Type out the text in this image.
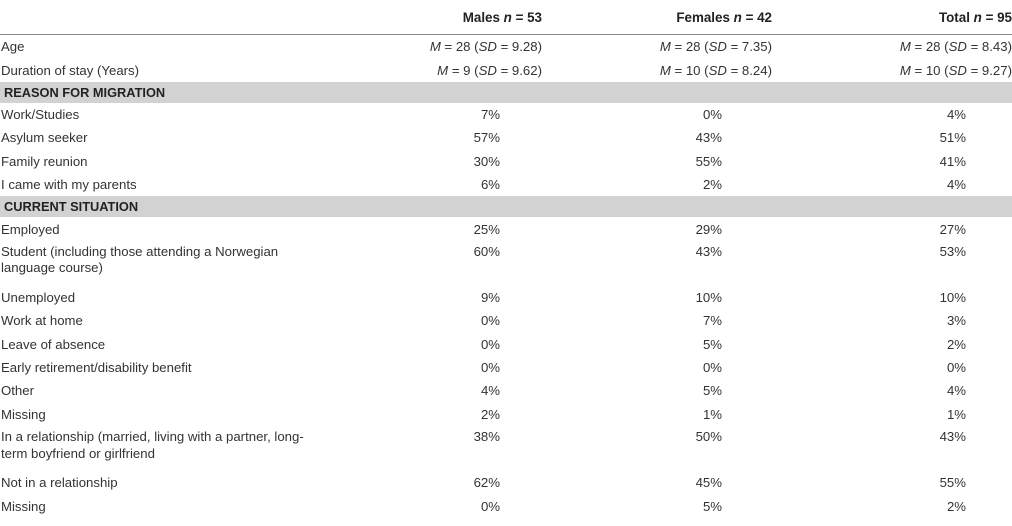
	Males n = 53	Females n = 42	Total n = 95
Age	M = 28 (SD = 9.28)	M = 28 (SD = 7.35)	M = 28 (SD = 8.43)
Duration of stay (Years)	M = 9 (SD = 9.62)	M = 10 (SD = 8.24)	M = 10 (SD = 9.27)
REASON FOR MIGRATION			
Work/Studies	7%	0%	4%
Asylum seeker	57%	43%	51%
Family reunion	30%	55%	41%
I came with my parents	6%	2%	4%
CURRENT SITUATION			
Employed	25%	29%	27%
Student (including those attending a Norwegian language course)	60%	43%	53%
Unemployed	9%	10%	10%
Work at home	0%	7%	3%
Leave of absence	0%	5%	2%
Early retirement/disability benefit	0%	0%	0%
Other	4%	5%	4%
Missing	2%	1%	1%
In a relationship (married, living with a partner, long-term boyfriend or girlfriend	38%	50%	43%
Not in a relationship	62%	45%	55%
Missing	0%	5%	2%
